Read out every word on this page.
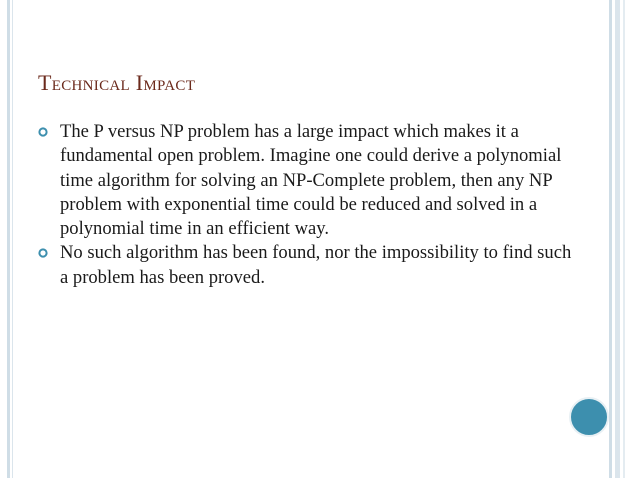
Technical Impact
The P versus NP problem has a large impact which makes it a fundamental open problem. Imagine one could derive a polynomial time algorithm for solving an NP-Complete problem, then any NP problem with exponential time could be reduced and solved in a polynomial time in an efficient way.
No such algorithm has been found, nor the impossibility to find such a problem has been proved.
